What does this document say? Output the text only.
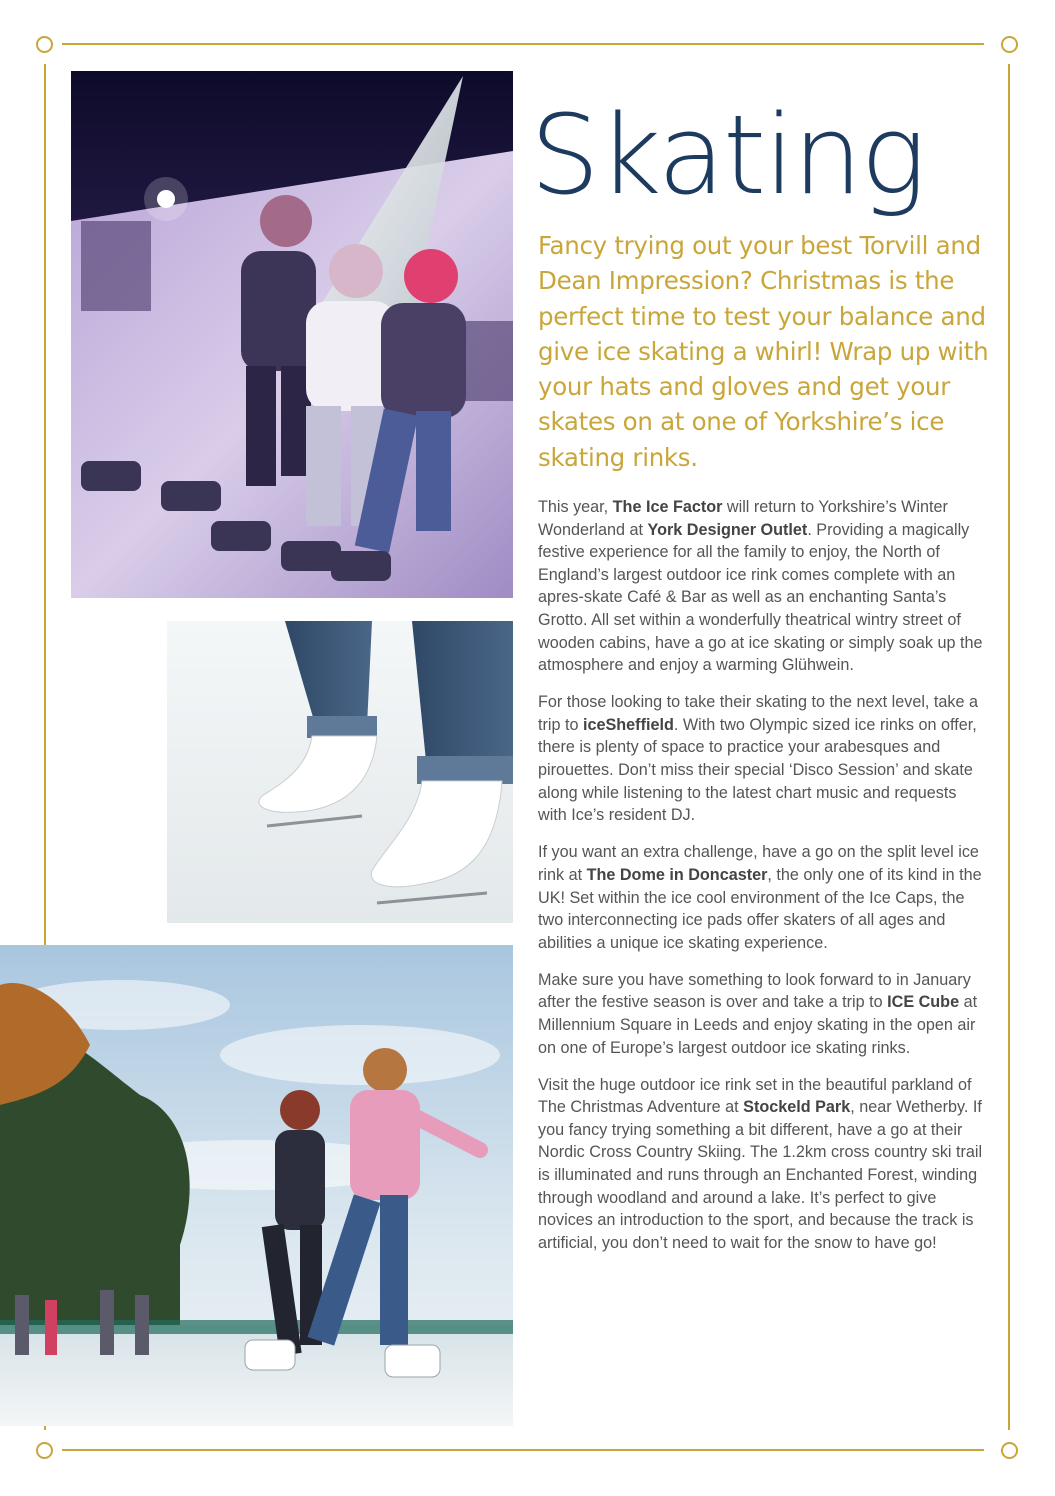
Skating

Fancy trying out your best Torvill and Dean Impression? Christmas is the perfect time to test your balance and give ice skating a whirl! Wrap up with your hats and gloves and get your skates on at one of Yorkshire’s ice skating rinks.

This year, The Ice Factor will return to Yorkshire’s Winter Wonderland at York Designer Outlet. Providing a magically festive experience for all the family to enjoy, the North of England’s largest outdoor ice rink comes complete with an apres-skate Café & Bar as well as an enchanting Santa’s Grotto. All set within a wonderfully theatrical wintry street of wooden cabins, have a go at ice skating or simply soak up the atmosphere and enjoy a warming Glühwein.

For those looking to take their skating to the next level, take a trip to iceSheffield. With two Olympic sized ice rinks on offer, there is plenty of space to practice your arabesques and pirouettes. Don’t miss their special ‘Disco Session’ and skate along while listening to the latest chart music and requests with Ice’s resident DJ.

If you want an extra challenge, have a go on the split level ice rink at The Dome in Doncaster, the only one of its kind in the UK! Set within the ice cool environment of the Ice Caps, the two interconnecting ice pads offer skaters of all ages and abilities a unique ice skating experience.

Make sure you have something to look forward to in January after the festive season is over and take a trip to ICE Cube at Millennium Square in Leeds and enjoy skating in the open air on one of Europe’s largest outdoor ice skating rinks.

Visit the huge outdoor ice rink set in the beautiful parkland of The Christmas Adventure at Stockeld Park, near Wetherby. If you fancy trying something a bit different, have a go at their Nordic Cross Country Skiing. The 1.2km cross country ski trail is illuminated and runs through an Enchanted Forest, winding through woodland and around a lake. It’s perfect to give novices an introduction to the sport, and because the track is artificial, you don’t need to wait for the snow to have go!
